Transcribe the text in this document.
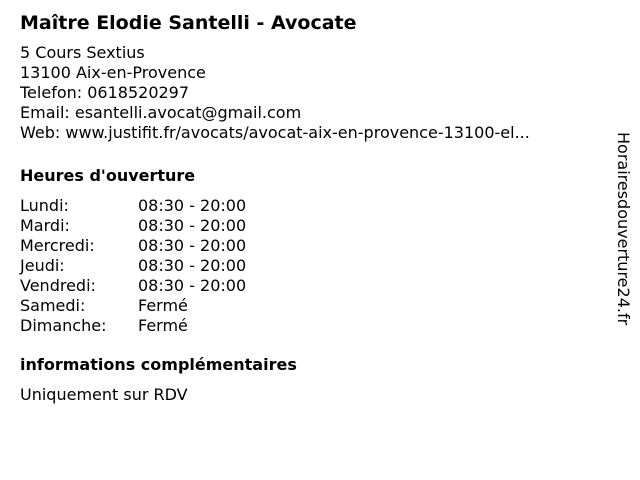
Maître Elodie Santelli - Avocate
5 Cours Sextius
13100 Aix-en-Provence
Telefon: 0618520297
Email: esantelli.avocat@gmail.com
Web: www.justifit.fr/avocats/avocat-aix-en-provence-13100-el...
Heures d'ouverture
Lundi:	08:30 - 20:00
Mardi:	08:30 - 20:00
Mercredi:	08:30 - 20:00
Jeudi:	08:30 - 20:00
Vendredi:	08:30 - 20:00
Samedi:	Fermé
Dimanche:	Fermé
informations complémentaires
Uniquement sur RDV
Horairesdouverture24.fr
